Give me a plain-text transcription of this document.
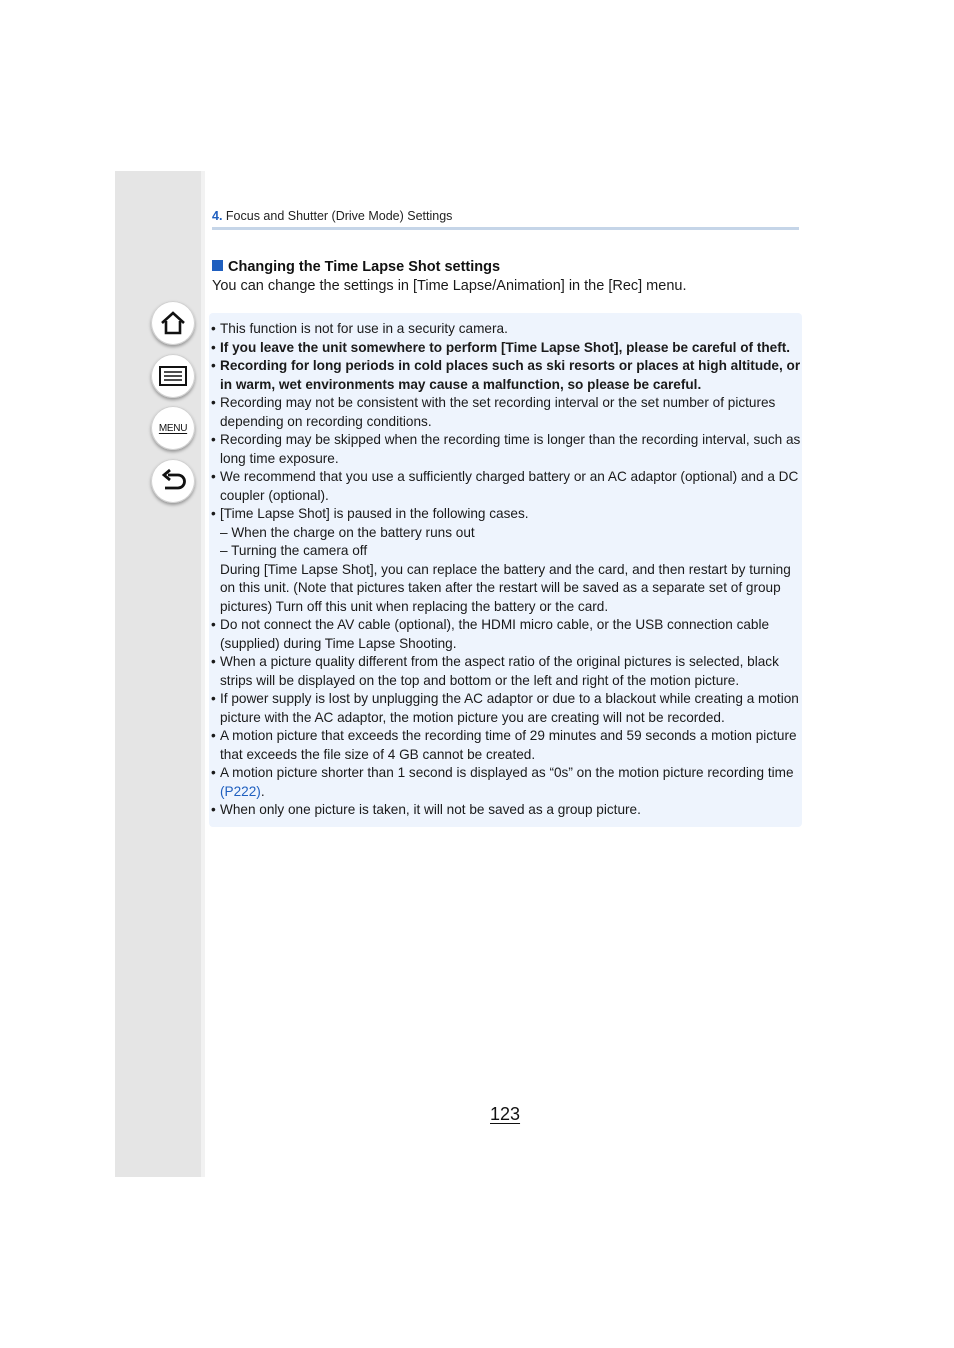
MENU
4. Focus and Shutter (Drive Mode) Settings
Changing the Time Lapse Shot settings
You can change the settings in [Time Lapse/Animation] in the [Rec] menu.
• This function is not for use in a security camera.
• If you leave the unit somewhere to perform [Time Lapse Shot], please be careful of theft.
• Recording for long periods in cold places such as ski resorts or places at high altitude, or in warm, wet environments may cause a malfunction, so please be careful.
• Recording may not be consistent with the set recording interval or the set number of pictures depending on recording conditions.
• Recording may be skipped when the recording time is longer than the recording interval, such as long time exposure.
• We recommend that you use a sufficiently charged battery or an AC adaptor (optional) and a DC coupler (optional).
• [Time Lapse Shot] is paused in the following cases.
– When the charge on the battery runs out
– Turning the camera off
During [Time Lapse Shot], you can replace the battery and the card, and then restart by turning on this unit. (Note that pictures taken after the restart will be saved as a separate set of group pictures) Turn off this unit when replacing the battery or the card.
• Do not connect the AV cable (optional), the HDMI micro cable, or the USB connection cable (supplied) during Time Lapse Shooting.
• When a picture quality different from the aspect ratio of the original pictures is selected, black strips will be displayed on the top and bottom or the left and right of the motion picture.
• If power supply is lost by unplugging the AC adaptor or due to a blackout while creating a motion picture with the AC adaptor, the motion picture you are creating will not be recorded.
• A motion picture that exceeds the recording time of 29 minutes and 59 seconds a motion picture that exceeds the file size of 4 GB cannot be created.
• A motion picture shorter than 1 second is displayed as “0s” on the motion picture recording time
(P222).
• When only one picture is taken, it will not be saved as a group picture.
123
